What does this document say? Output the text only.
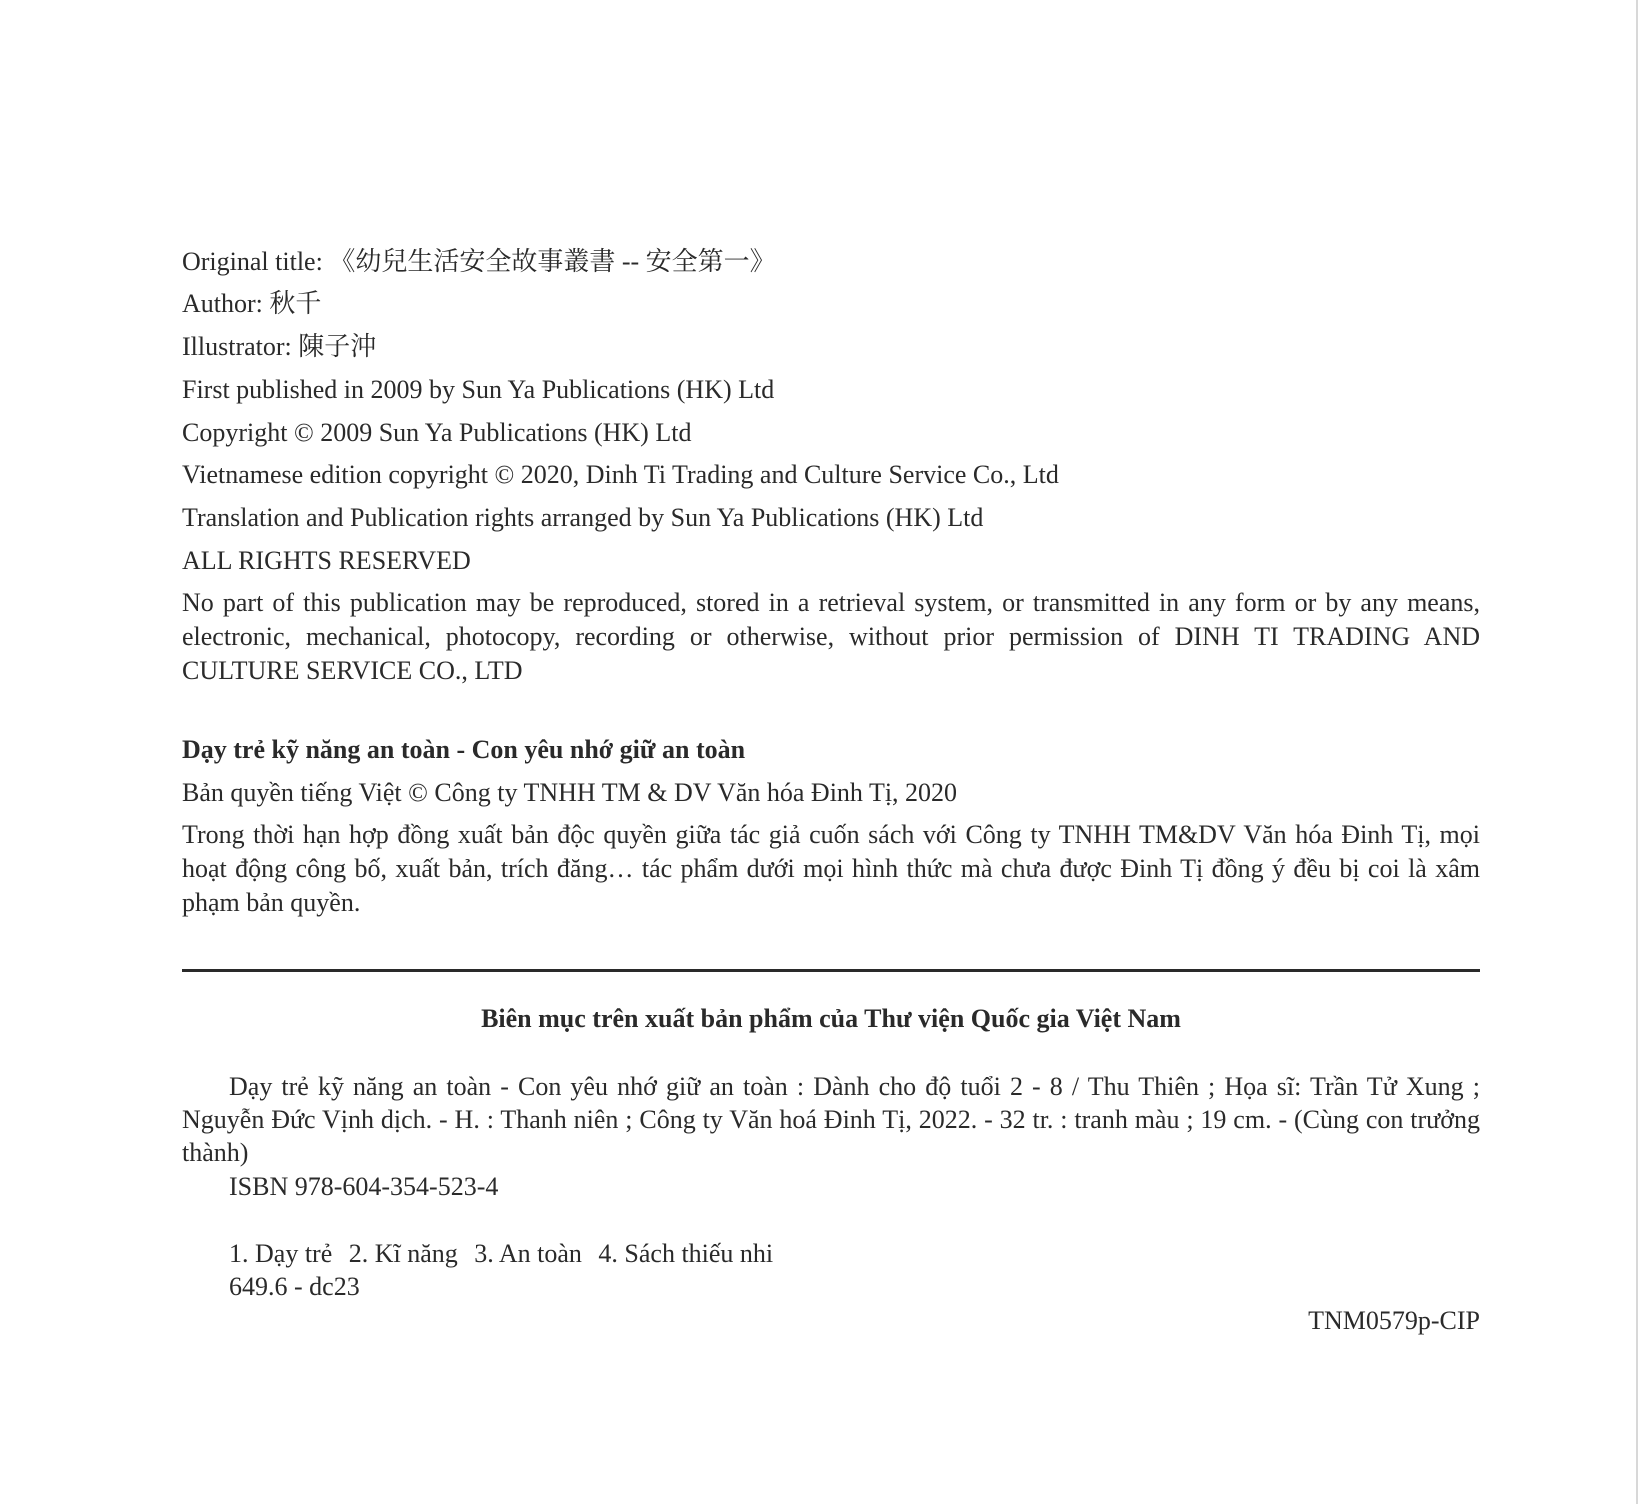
Original title: 《幼兒生活安全故事叢書 -- 安全第一》
Author: 秋千
Illustrator: 陳子沖
First published in 2009 by Sun Ya Publications (HK) Ltd
Copyright © 2009 Sun Ya Publications (HK) Ltd
Vietnamese edition copyright © 2020, Dinh Ti Trading and Culture Service Co., Ltd
Translation and Publication rights arranged by Sun Ya Publications (HK) Ltd
ALL RIGHTS RESERVED
No part of this publication may be reproduced, stored in a retrieval system, or transmitted in any form or by any means, electronic, mechanical, photocopy, recording or otherwise, without prior permission of DINH TI TRADING AND CULTURE SERVICE CO., LTD
Dạy trẻ kỹ năng an toàn - Con yêu nhớ giữ an toàn
Bản quyền tiếng Việt © Công ty TNHH TM & DV Văn hóa Đinh Tị, 2020
Trong thời hạn hợp đồng xuất bản độc quyền giữa tác giả cuốn sách với Công ty TNHH TM&DV Văn hóa Đinh Tị, mọi hoạt động công bố, xuất bản, trích đăng… tác phẩm dưới mọi hình thức mà chưa được Đinh Tị đồng ý đều bị coi là xâm phạm bản quyền.
Biên mục trên xuất bản phẩm của Thư viện Quốc gia Việt Nam
Dạy trẻ kỹ năng an toàn - Con yêu nhớ giữ an toàn : Dành cho độ tuổi 2 - 8 / Thu Thiên ; Họa sĩ: Trần Tử Xung ; Nguyễn Đức Vịnh dịch. - H. : Thanh niên ; Công ty Văn hoá Đinh Tị, 2022. - 32 tr. : tranh màu ; 19 cm. - (Cùng con trưởng thành)
ISBN 978-604-354-523-4
1. Dạy trẻ 2. Kĩ năng 3. An toàn 4. Sách thiếu nhi
649.6 - dc23
TNM0579p-CIP
